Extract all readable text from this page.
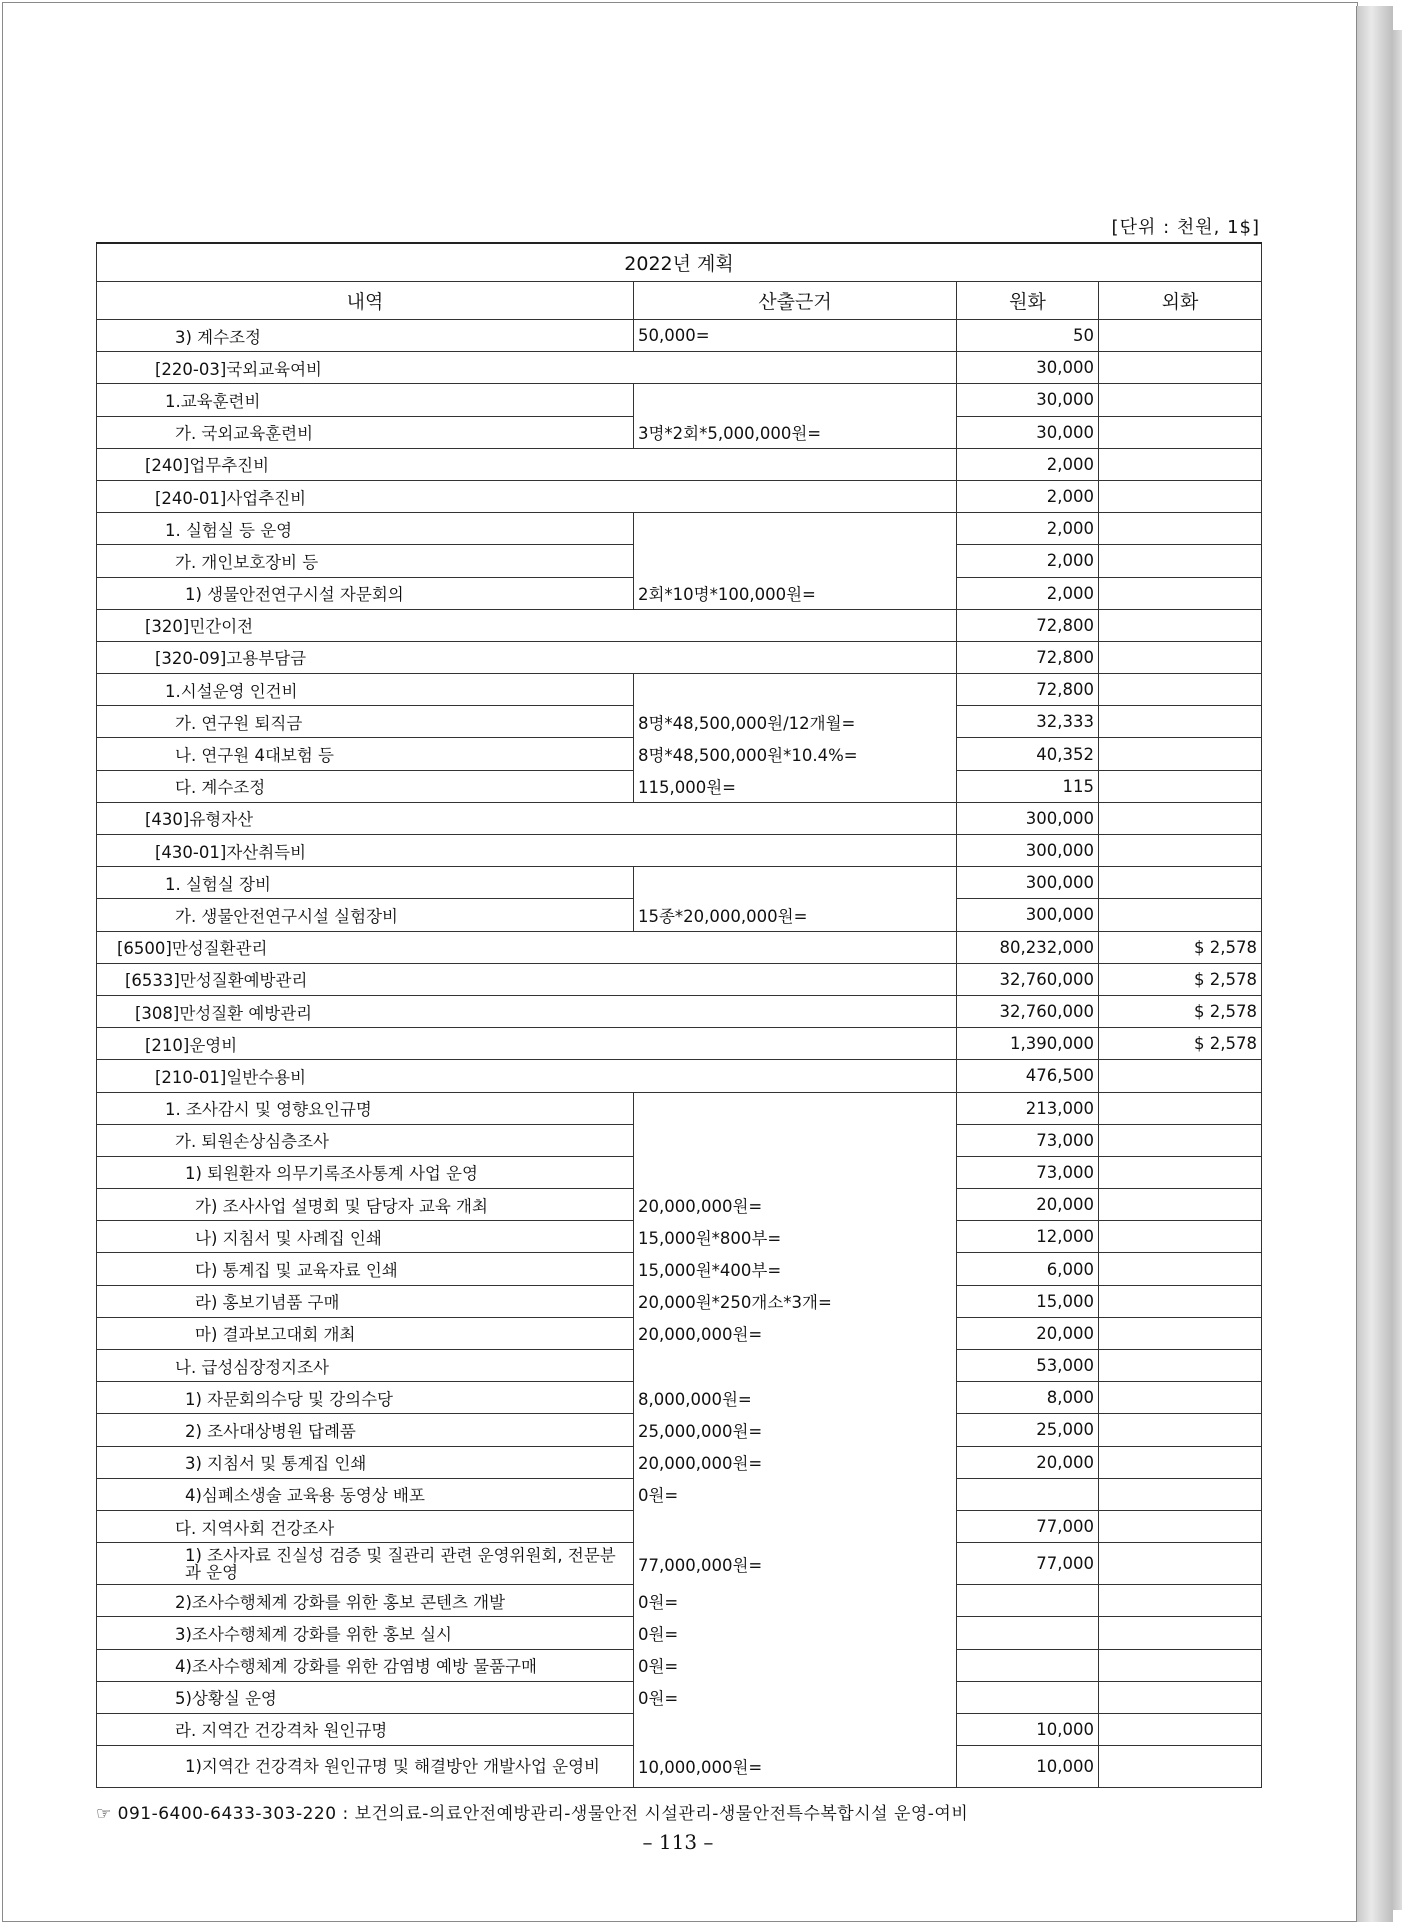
[단위 : 천원, 1$]
2022년 계획			
내역	산출근거	원화	외화
3) 계수조정	50,000=	50	
[220-03]국외교육여비		30,000	
1.교육훈련비		30,000	
가. 국외교육훈련비	3명*2회*5,000,000원=	30,000	
[240]업무추진비		2,000	
[240-01]사업추진비		2,000	
1. 실험실 등 운영		2,000	
가. 개인보호장비 등		2,000	
1) 생물안전연구시설 자문회의	2회*10명*100,000원=	2,000	
[320]민간이전		72,800	
[320-09]고용부담금		72,800	
1.시설운영 인건비		72,800	
가. 연구원 퇴직금	8명*48,500,000원/12개월=	32,333	
나. 연구원 4대보험 등	8명*48,500,000원*10.4%=	40,352	
다. 계수조정	115,000원=	115	
[430]유형자산		300,000	
[430-01]자산취득비		300,000	
1. 실험실 장비		300,000	
가. 생물안전연구시설 실험장비	15종*20,000,000원=	300,000	
[6500]만성질환관리		80,232,000	$ 2,578
[6533]만성질환예방관리		32,760,000	$ 2,578
[308]만성질환 예방관리		32,760,000	$ 2,578
[210]운영비		1,390,000	$ 2,578
[210-01]일반수용비		476,500	
1. 조사감시 및 영향요인규명		213,000	
가. 퇴원손상심층조사		73,000	
1) 퇴원환자 의무기록조사통계 사업 운영		73,000	
가) 조사사업 설명회 및 담당자 교육 개최	20,000,000원=	20,000	
나) 지침서 및 사례집 인쇄	15,000원*800부=	12,000	
다) 통계집 및 교육자료 인쇄	15,000원*400부=	6,000	
라) 홍보기념품 구매	20,000원*250개소*3개=	15,000	
마) 결과보고대회 개최	20,000,000원=	20,000	
나. 급성심장정지조사		53,000	
1) 자문회의수당 및 강의수당	8,000,000원=	8,000	
2) 조사대상병원 답례품	25,000,000원=	25,000	
3) 지침서 및 통계집 인쇄	20,000,000원=	20,000	
4)심폐소생술 교육용 동영상 배포	0원=		
다. 지역사회 건강조사		77,000	
1) 조사자료 진실성 검증 및 질관리 관련 운영위원회, 전문분과 운영	77,000,000원=	77,000	
2)조사수행체계 강화를 위한 홍보 콘텐츠 개발	0원=		
3)조사수행체계 강화를 위한 홍보 실시	0원=		
4)조사수행체계 강화를 위한 감염병 예방 물품구매	0원=		
5)상황실 운영	0원=		
라. 지역간 건강격차 원인규명		10,000	
1)지역간 건강격차 원인규명 및 해결방안 개발사업 운영비	10,000,000원=	10,000	
☞ 091-6400-6433-303-220 : 보건의료-의료안전예방관리-생물안전 시설관리-생물안전특수복합시설 운영-여비
– 113 –
